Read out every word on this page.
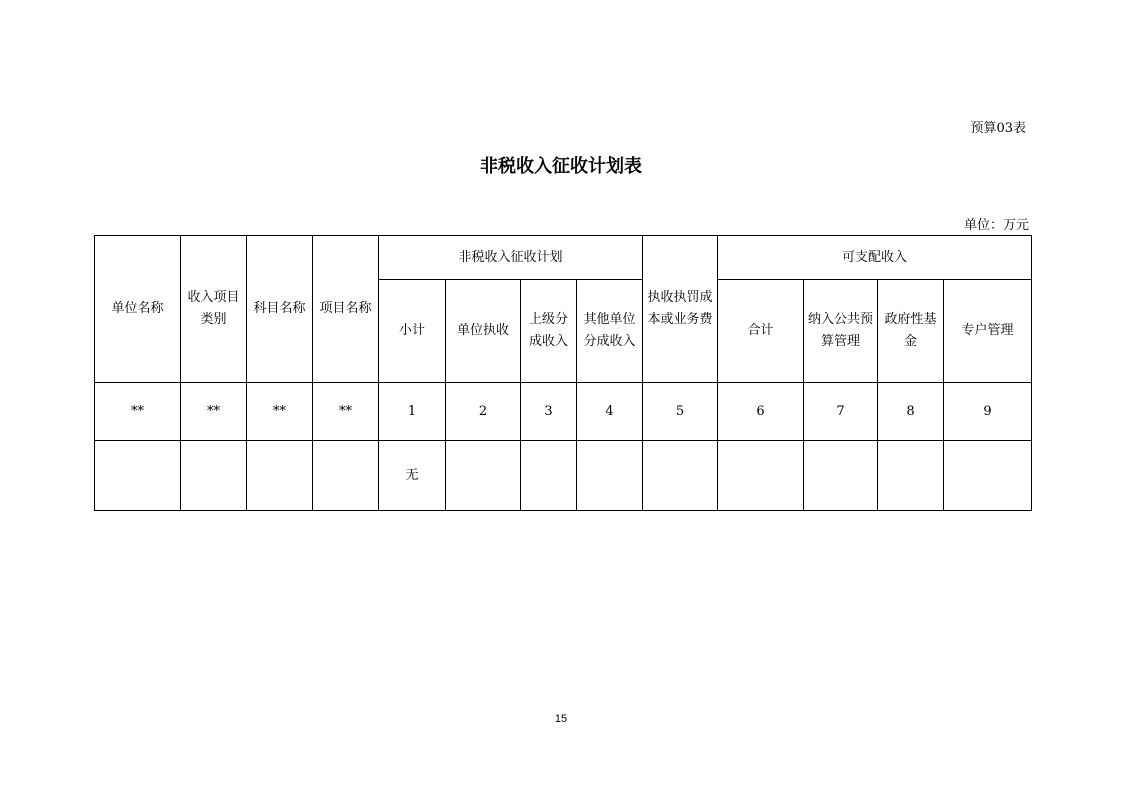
预算03表
非税收入征收计划表
单位：万元
单位名称	收入项目类别	科目名称	项目名称	非税收入征收计划				执收执罚成本或业务费	可支配收入			
				小计	单位执收	上级分成收入	其他单位分成收入		合计	纳入公共预算管理	政府性基金	专户管理
**	**	**	**	1	2	3	4	5	6	7	8	9
				无								
15
